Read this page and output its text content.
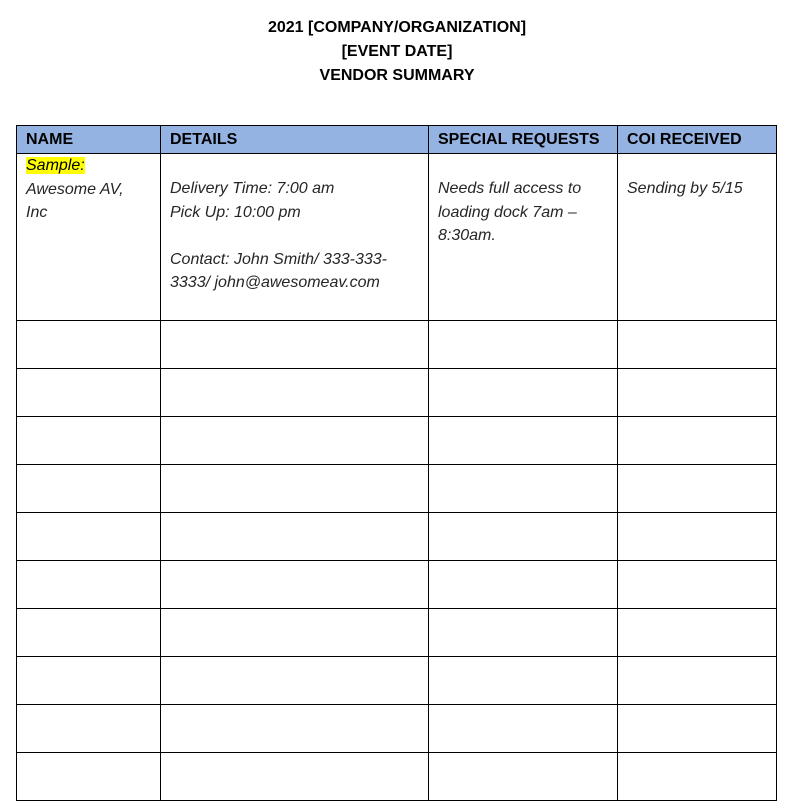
2021 [COMPANY/ORGANIZATION]
[EVENT DATE]
VENDOR SUMMARY
NAME	DETAILS	SPECIAL REQUESTS	COI RECEIVED
Sample:
Awesome AV,
Inc	Delivery Time: 7:00 am
Pick Up: 10:00 pm
Contact: John Smith/ 333-333-
3333/ john@awesomeav.com	Needs full access to
loading dock 7am –
8:30am.	Sending by 5/15
